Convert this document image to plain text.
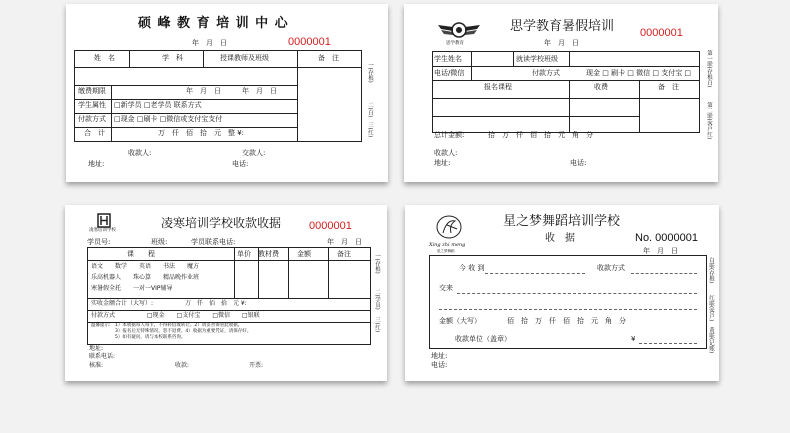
硕 峰 教 育 培 训 中 心
年　月　日	0000001
姓　名	学　科	授课教师及班级	备　注
缴费期限	年　月　日　　　年　月　日
学生属性 □新学员 □老学员 联系方式
付款方式 □现金 □刷卡 □微信或支付宝支付
合　计	万　仟　佰　拾　元　整 ¥:
收款人:	交款人:
地址:	电话:
一(存根)
二(白)
三(红)
思学教育
思学教育暑假培训 0000001
年　月　日
学生姓名	就读学校班级
电话/微信	付款方式	现金 □ 刷卡 □ 微信 □ 支付宝 □
报名课程	收费	备　注
总计金额:	拾　万　仟　佰　拾　元　角　分
收款人:
地址:	电话:
第一联(存根白)
第二联(客户红)
凌寒培训学校
凌寒培训学校收款收据	0000001
学员号:	班级:	学员联系电话:	年　月　日
课　　程	单价 教材费	金额	备注
语文　　数学　　英语　　书法　　魔方
乐高机器人　　珠心算　　精品晚作业班
寒暑假全托　　一对一VIP辅导
实收金额合计（大写）:	万　仟　佰　拾　元 ¥:
付款方式	□现金　　□支付宝　　□微信　　□银联
温馨提示: 1）本收据每人每卡，不得转借或转让。2）请妥善保管此收据。
3）报名后无特殊情况，恕不退费。4）收据为重要凭证，请保存好。
5）如有疑问，请与本校联系咨询。
地址:
联系电话:
核准:	收款:	开票:
一(存根)
二(学员)
三(红)
Xing zhi meng
星之梦舞蹈
星之梦舞蹈培训学校
收　据	No. 0000001
年　月　日
今 收 到	收款方式
交来
金额（大写）	佰　拾　万　仟　佰　拾　元　角　分
收款单位（盖章）	¥
地址:
电话:
白联(存根)
红联(客户)
黄联(记账)
